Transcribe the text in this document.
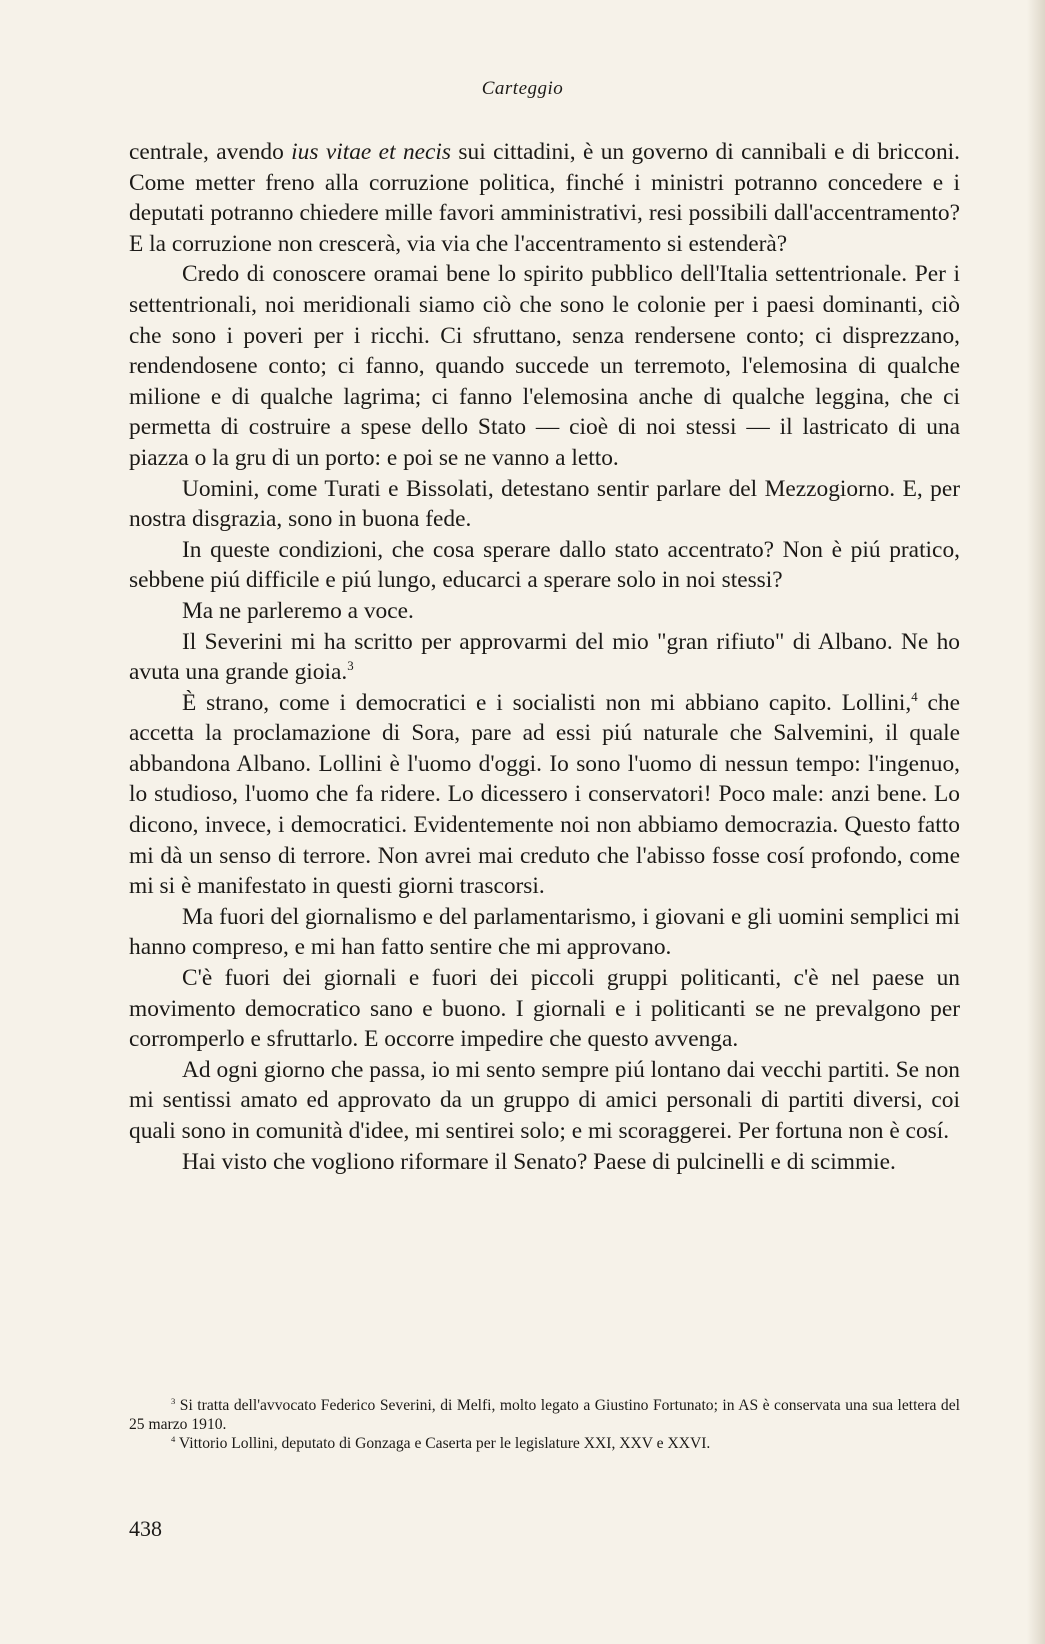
Carteggio

centrale, avendo ius vitae et necis sui cittadini, è un governo di cannibali e di bricconi. Come metter freno alla corruzione politica, finché i ministri potranno concedere e i deputati potranno chiedere mille favori amministrativi, resi possibili dall'accentramento? E la corruzione non crescerà, via via che l'accentramento si estenderà?

Credo di conoscere oramai bene lo spirito pubblico dell'Italia settentrionale. Per i settentrionali, noi meridionali siamo ciò che sono le colonie per i paesi dominanti, ciò che sono i poveri per i ricchi. Ci sfruttano, senza rendersene conto; ci disprezzano, rendendosene conto; ci fanno, quando succede un terremoto, l'elemosina di qualche milione e di qualche lagrima; ci fanno l'elemosina anche di qualche leggina, che ci permetta di costruire a spese dello Stato — cioè di noi stessi — il lastricato di una piazza o la gru di un porto: e poi se ne vanno a letto.

Uomini, come Turati e Bissolati, detestano sentir parlare del Mezzogiorno. E, per nostra disgrazia, sono in buona fede.

In queste condizioni, che cosa sperare dallo stato accentrato? Non è piú pratico, sebbene piú difficile e piú lungo, educarci a sperare solo in noi stessi?

Ma ne parleremo a voce.

Il Severini mi ha scritto per approvarmi del mio "gran rifiuto" di Albano. Ne ho avuta una grande gioia.$^3$

È strano, come i democratici e i socialisti non mi abbiano capito. Lollini,$^4$ che accetta la proclamazione di Sora, pare ad essi piú naturale che Salvemini, il quale abbandona Albano. Lollini è l'uomo d'oggi. Io sono l'uomo di nessun tempo: l'ingenuo, lo studioso, l'uomo che fa ridere. Lo dicessero i conservatori! Poco male: anzi bene. Lo dicono, invece, i democratici. Evidentemente noi non abbiamo democrazia. Questo fatto mi dà un senso di terrore. Non avrei mai creduto che l'abisso fosse cosí profondo, come mi si è manifestato in questi giorni trascorsi.

Ma fuori del giornalismo e del parlamentarismo, i giovani e gli uomini semplici mi hanno compreso, e mi han fatto sentire che mi approvano.

C'è fuori dei giornali e fuori dei piccoli gruppi politicanti, c'è nel paese un movimento democratico sano e buono. I giornali e i politicanti se ne prevalgono per corromperlo e sfruttarlo. E occorre impedire che questo avvenga.

Ad ogni giorno che passa, io mi sento sempre piú lontano dai vecchi partiti. Se non mi sentissi amato ed approvato da un gruppo di amici personali di partiti diversi, coi quali sono in comunità d'idee, mi sentirei solo; e mi scoraggerei. Per fortuna non è cosí.

Hai visto che vogliono riformare il Senato? Paese di pulcinelli e di scimmie.

$^3$ Si tratta dell'avvocato Federico Severini, di Melfi, molto legato a Giustino Fortunato; in AS è conservata una sua lettera del 25 marzo 1910.

$^4$ Vittorio Lollini, deputato di Gonzaga e Caserta per le legislature XXI, XXV e XXVI.

438
